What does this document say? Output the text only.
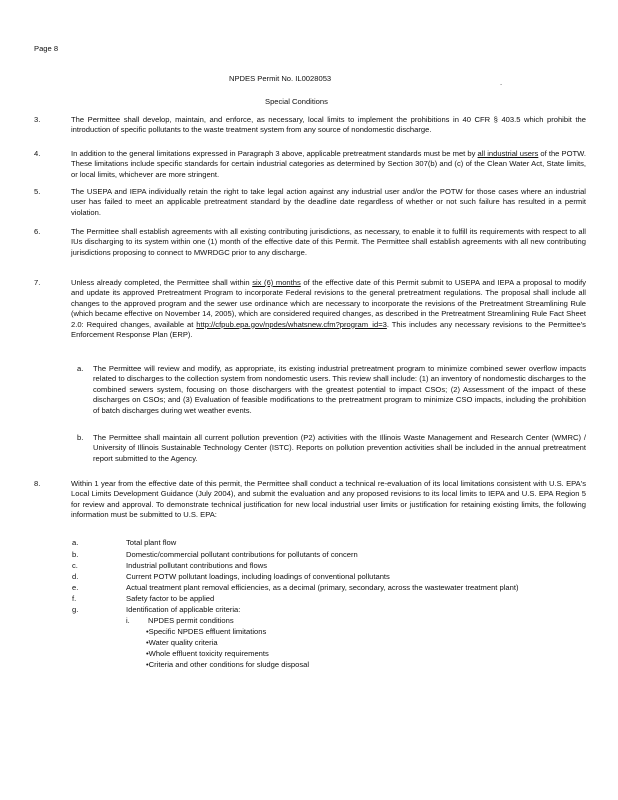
Page 8
NPDES Permit No. IL0028053	.
Special Conditions
3.	The Permittee shall develop, maintain, and enforce, as necessary, local limits to implement the prohibitions in 40 CFR § 403.5 which prohibit the introduction of specific pollutants to the waste treatment system from any source of nondomestic discharge.
4.	In addition to the general limitations expressed in Paragraph 3 above, applicable pretreatment standards must be met by all industrial users of the POTW. These limitations include specific standards for certain industrial categories as determined by Section 307(b) and (c) of the Clean Water Act, State limits, or local limits, whichever are more stringent.
5.	The USEPA and IEPA individually retain the right to take legal action against any industrial user and/or the POTW for those cases where an industrial user has failed to meet an applicable pretreatment standard by the deadline date regardless of whether or not such failure has resulted in a permit violation.
6.	The Permittee shall establish agreements with all existing contributing jurisdictions, as necessary, to enable it to fulfill its requirements with respect to all IUs discharging to its system within one (1) month of the effective date of this Permit. The Permittee shall establish agreements with all new contributing jurisdictions proposing to connect to MWRDGC prior to any discharge.
7.	Unless already completed, the Permittee shall within six (6) months of the effective date of this Permit submit to USEPA and IEPA a proposal to modify and update its approved Pretreatment Program to incorporate Federal revisions to the general pretreatment regulations. The proposal shall include all changes to the approved program and the sewer use ordinance which are necessary to incorporate the revisions of the Pretreatment Streamlining Rule (which became effective on November 14, 2005), which are considered required changes, as described in the Pretreatment Streamlining Rule Fact Sheet 2.0: Required changes, available at http://cfpub.epa.gov/npdes/whatsnew.cfm?program_id=3. This includes any necessary revisions to the Permittee's Enforcement Response Plan (ERP).
a. The Permittee will review and modify, as appropriate, its existing industrial pretreatment program to minimize combined sewer overflow impacts related to discharges to the collection system from nondomestic users. This review shall include: (1) an inventory of nondomestic discharges to the combined sewers system, focusing on those dischargers with the greatest potential to impact CSOs; (2) Assessment of the impact of these discharges on CSOs; and (3) Evaluation of feasible modifications to the pretreatment program to minimize CSO impacts, including the prohibition of batch discharges during wet weather events.
b. The Permittee shall maintain all current pollution prevention (P2) activities with the Illinois Waste Management and Research Center (WMRC) / University of Illinois Sustainable Technology Center (ISTC). Reports on pollution prevention activities shall be included in the annual pretreatment report submitted to the Agency.
8.	Within 1 year from the effective date of this permit, the Permittee shall conduct a technical re-evaluation of its local limitations consistent with U.S. EPA's Local Limits Development Guidance (July 2004), and submit the evaluation and any proposed revisions to its local limits to IEPA and U.S. EPA Region 5 for review and approval. To demonstrate technical justification for new local industrial user limits or justification for retaining existing limits, the following information must be submitted to U.S. EPA:
a.	Total plant flow
b.	Domestic/commercial pollutant contributions for pollutants of concern
c.	Industrial pollutant contributions and flows
d.	Current POTW pollutant loadings, including loadings of conventional pollutants
e.	Actual treatment plant removal efficiencies, as a decimal (primary, secondary, across the wastewater treatment plant)
f.	Safety factor to be applied
g.	Identification of applicable criteria:
i. NPDES permit conditions
•Specific NPDES effluent limitations
•Water quality criteria
•Whole effluent toxicity requirements
•Criteria and other conditions for sludge disposal
